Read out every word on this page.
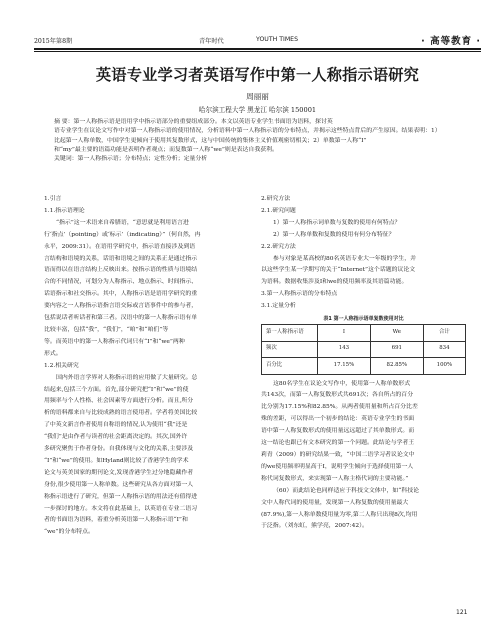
2015年第8期	青年时代	YOUTH TIMES	· 高等教育 ·
英语专业学习者英语写作中第一人称指示语研究
周丽丽
哈尔滨工程大学 黑龙江 哈尔滨 150001
摘 要：第一人称指示语是语用学中指示语部分的重要组成部分。本文以英语专业学生书面语为语料，探讨英
语专业学生在议论文写作中对第一人称指示语的使用情况，分析语料中第一人称指示语的分布特点，并揭示这些特点背后的产生原因。结果表明：1）
比起第一人称单数，中国学生更倾向于使用其复数形式，这与中国传统的集体主义价值观密切相关；2）单数第一人称“I”
和“my”最主要的语篇功能是表明作者观点；而复数第一人称“we”则是表达自我获利。
关键词：第一人称指示语；分布特点；定性分析；定量分析
1.引言
1.1.指示语理论
“指示”这一术语来自希腊语，“意思就是利用语言进
行‘指点’（pointing）或‘标示’（indicating）”（何自然，冉
永平，2009:31）。在语用学研究中，指示语直接涉及到语
言结构和语境的关系，话语和语境之间的关系正是通过指示
语而得以在语言结构上反映出来。按指示语的性质与语境结
合的不同情况，可划分为人称指示、地点指示、时间指示、
话语指示和社交指示。其中，人称指示语是语用学研究的重
要内容之一人称指示语指言语交际或言语事件中的参与者，
包括说话者听话者和第三者。汉语中的第一人称指示语有单
比较丰富，包括“我”，“我们”，“咱”和“咱们”等
等。而英语中的第一人称指示代词只有“I”和“we”两种
形式。
1.2.相关研究
国内外语言学界对人称指示语的应用做了大量研究。总
结起来,包括三个方面。首先,部分研究把“I”和“we”的使
用频率与个人性格、社会因素等方面进行分析。而且,所分
析的语料都来自与比较成熟的语言使用者。学者将美国比较
了中英文新言作者使用自称语的情况,认为使用“我”还是
“我们”是由作者与读者的社会距离决定的。其次,国外许
多研究聚焦于作者身份。自我体现与文化的关系,主要涉及
“I”和“we”的使用。如Hyland则比较了香港学生的学术
论文与英美国家的期刊论文,发现香港学生过分地隐藏作者
身份,很少使用第一人称单数。这些研究从各方面对第一人
称指示语进行了研究，但第一人称指示语的用法还有值得进
一步探讨的地方。本文将在此基础上，以英语在专业二语习
者的书面语为语料，着重分析英语第一人称指示语“I”和
“we”的分布特点。
2.研究方法
2.1.研究问题
1）第一人称指示词单数与复数的使用有何特点？
2）第一人称单数和复数的使用有何分布特征？
2.2.研究方法
参与对象是某高校的80名英语专业大一年级的学生，并
以这些学生某一学期写的关于“Internet”这个话题的议论文
为语料。数据收集涉及I和we的使用频率及其语篇功能。
3.第一人称指示语的分布特点
3.1.定量分析
表1 第一人称指示语单复数使用对比
第一人称指示语	I	We	合计
频次	143	691	834
百分比	17.15%	82.85%	100%
这80名学生在议论文写作中，使用第一人称单数形式
共143次，而第一人称复数形式共691次；各自所占的百分
比分别为17.15%和82.85%。从两者使用量和所占百分比差
殊的差距，可以得出一个初步的结论：英语专业学生的书面
语中第一人称复数形式的使用量远远超过了其单数形式。而
这一结论也跟已有文本研究的第一个问题。此结论与学者王
莉青（2009）的研究结果一致，“中国二语学习者议论文中
的we使用频率明显高于I，说明学生倾向于选择使用第一人
称代词复数形式，来实现第一人称主格代词的主要功能。”
（60）而此结论也同样适应于科技文文体中，如“科技论
文中人称代词的使用量，发现第一人称复数的使用量最大
(87.9%),第一人称单数使用量为零,第二人称只出现8次,均用
于泛指。（刘东虹，熊学亮，2007:42）。
121
